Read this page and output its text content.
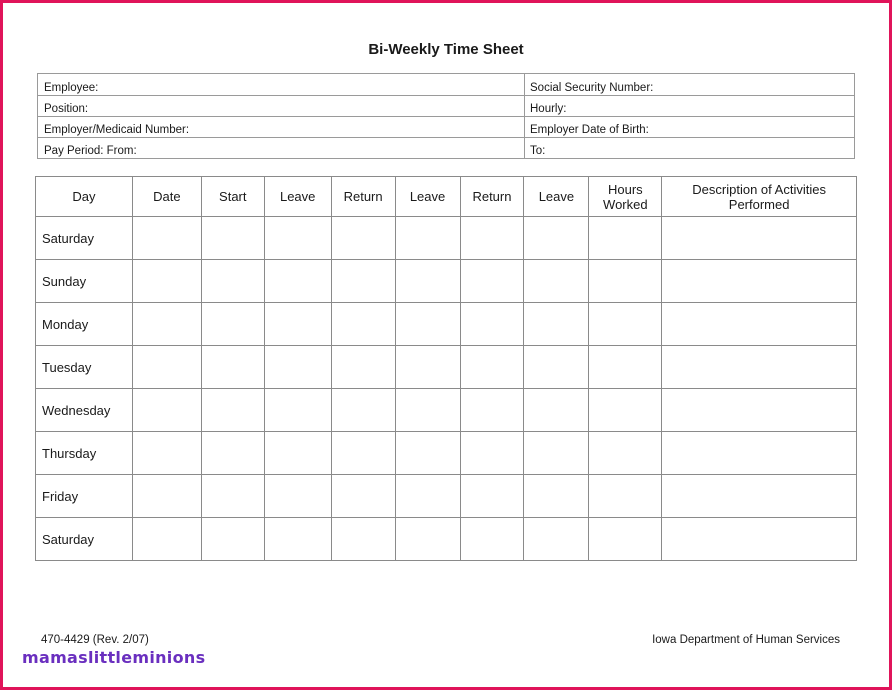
Bi-Weekly Time Sheet
Employee:	Social Security Number:
Position:	Hourly:
Employer/Medicaid Number:	Employer Date of Birth:
Pay Period: From:	To:
Day	Date	Start	Leave	Return	Leave	Return	Leave	Hours Worked	Description of Activities Performed
Saturday									
Sunday									
Monday									
Tuesday									
Wednesday									
Thursday									
Friday									
Saturday									
470-4429 (Rev. 2/07)	Iowa Department of Human Services
mamaslittleminions
